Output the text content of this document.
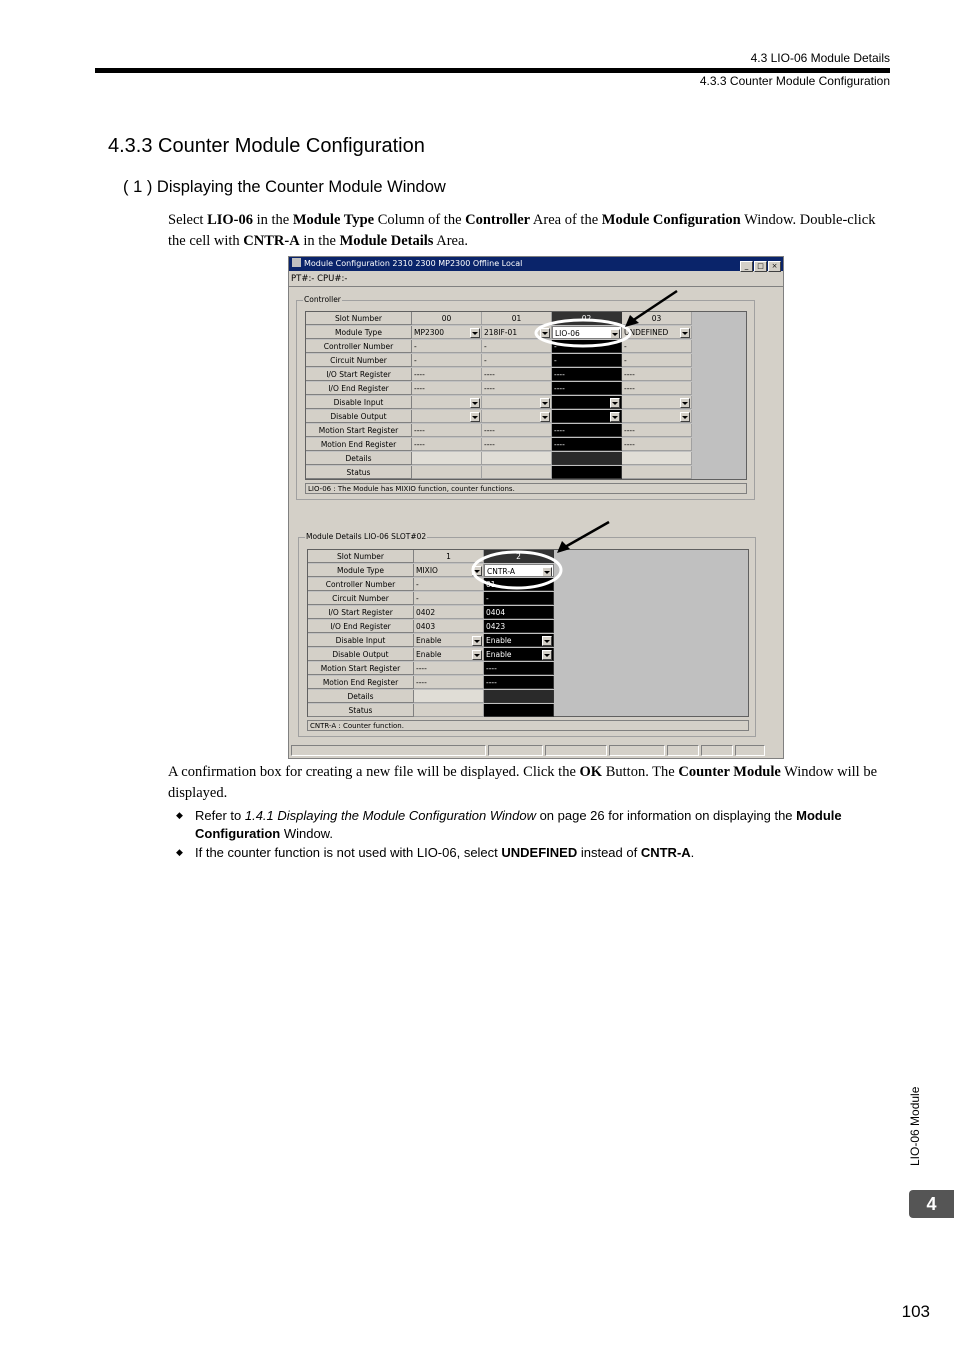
4.3 LIO-06 Module Details
4.3.3 Counter Module Configuration
4.3.3 Counter Module Configuration
( 1 ) Displaying the Counter Module Window
Select LIO-06 in the Module Type Column of the Controller Area of the Module Configuration Window. Double-click the cell with CNTR-A in the Module Details Area.
Module Configuration 2310 2300 MP2300 Offline Local	_ □ ×
PT#:- CPU#:-
Controller
Slot Number
Module Type
Controller Number
Circuit Number
I/O Start Register
I/O End Register
Disable Input
Disable Output
Motion Start Register
Motion End Register
Details
Status
00
MP2300
-
-
----
----
----
----
01
218IF-01
-
-
----
----
----
----
02
LIO-06
-
-
----
----
----
----
03
UNDEFINED
-
-
----
----
----
----
LIO-06 : The Module has MIXIO function, counter functions.
Module Details LIO-06 SLOT#02
Slot Number
Module Type
Controller Number
Circuit Number
I/O Start Register
I/O End Register
Disable Input
Disable Output
Motion Start Register
Motion End Register
Details
Status
1
MIXIO
-
-
0402
0403
Enable
Enable
----
----
2
CNTR-A
01
-
0404
0423
Enable
Enable
----
----
CNTR-A : Counter function.
A confirmation box for creating a new file will be displayed. Click the OK Button. The Counter Module Window will be displayed.
◆ Refer to 1.4.1 Displaying the Module Configuration Window on page 26 for information on displaying the Module Configuration Window.
◆ If the counter function is not used with LIO-06, select UNDEFINED instead of CNTR-A.
LIO-06 Module
4
103
